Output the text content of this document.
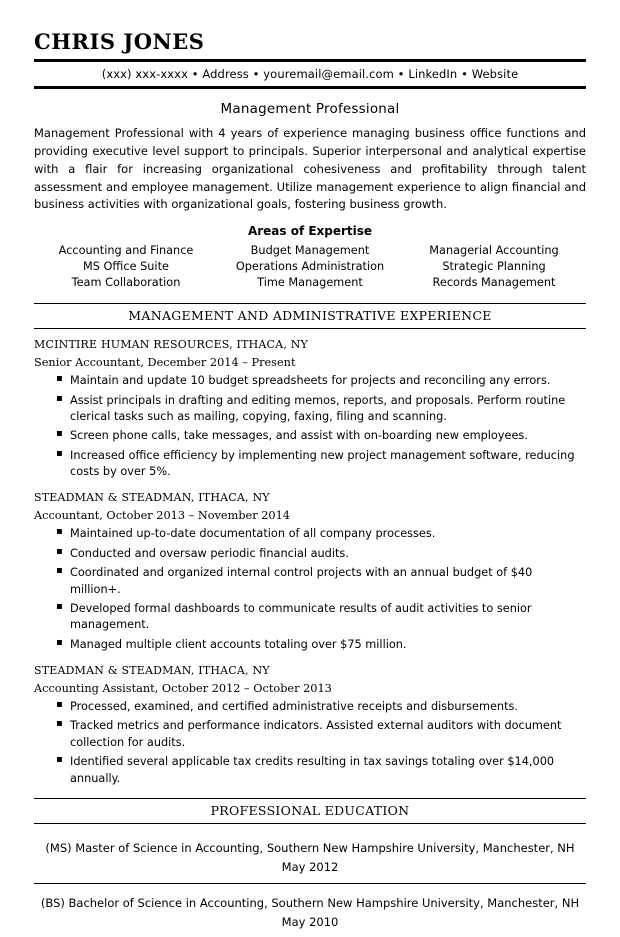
CHRIS JONES
(xxx) xxx-xxxx • Address • youremail@email.com • LinkedIn • Website
Management Professional
Management Professional with 4 years of experience managing business office functions and providing executive level support to principals. Superior interpersonal and analytical expertise with a flair for increasing organizational cohesiveness and profitability through talent assessment and employee management. Utilize management experience to align financial and business activities with organizational goals, fostering business growth.
Areas of Expertise
Accounting and Finance	Budget Management	Managerial Accounting
MS Office Suite	Operations Administration	Strategic Planning
Team Collaboration	Time Management	Records Management
MANAGEMENT AND ADMINISTRATIVE EXPERIENCE
MCINTIRE HUMAN RESOURCES, ITHACA, NY
Senior Accountant, December 2014 – Present
▪ Maintain and update 10 budget spreadsheets for projects and reconciling any errors.
▪ Assist principals in drafting and editing memos, reports, and proposals. Perform routine clerical tasks such as mailing, copying, faxing, filing and scanning.
▪ Screen phone calls, take messages, and assist with on-boarding new employees.
▪ Increased office efficiency by implementing new project management software, reducing costs by over 5%.
STEADMAN & STEADMAN, ITHACA, NY
Accountant, October 2013 – November 2014
▪ Maintained up-to-date documentation of all company processes.
▪ Conducted and oversaw periodic financial audits.
▪ Coordinated and organized internal control projects with an annual budget of $40 million+.
▪ Developed formal dashboards to communicate results of audit activities to senior management.
▪ Managed multiple client accounts totaling over $75 million.
STEADMAN & STEADMAN, ITHACA, NY
Accounting Assistant, October 2012 – October 2013
▪ Processed, examined, and certified administrative receipts and disbursements.
▪ Tracked metrics and performance indicators. Assisted external auditors with document collection for audits.
▪ Identified several applicable tax credits resulting in tax savings totaling over $14,000 annually.
PROFESSIONAL EDUCATION
(MS) Master of Science in Accounting, Southern New Hampshire University, Manchester, NH
May 2012
(BS) Bachelor of Science in Accounting, Southern New Hampshire University, Manchester, NH
May 2010
